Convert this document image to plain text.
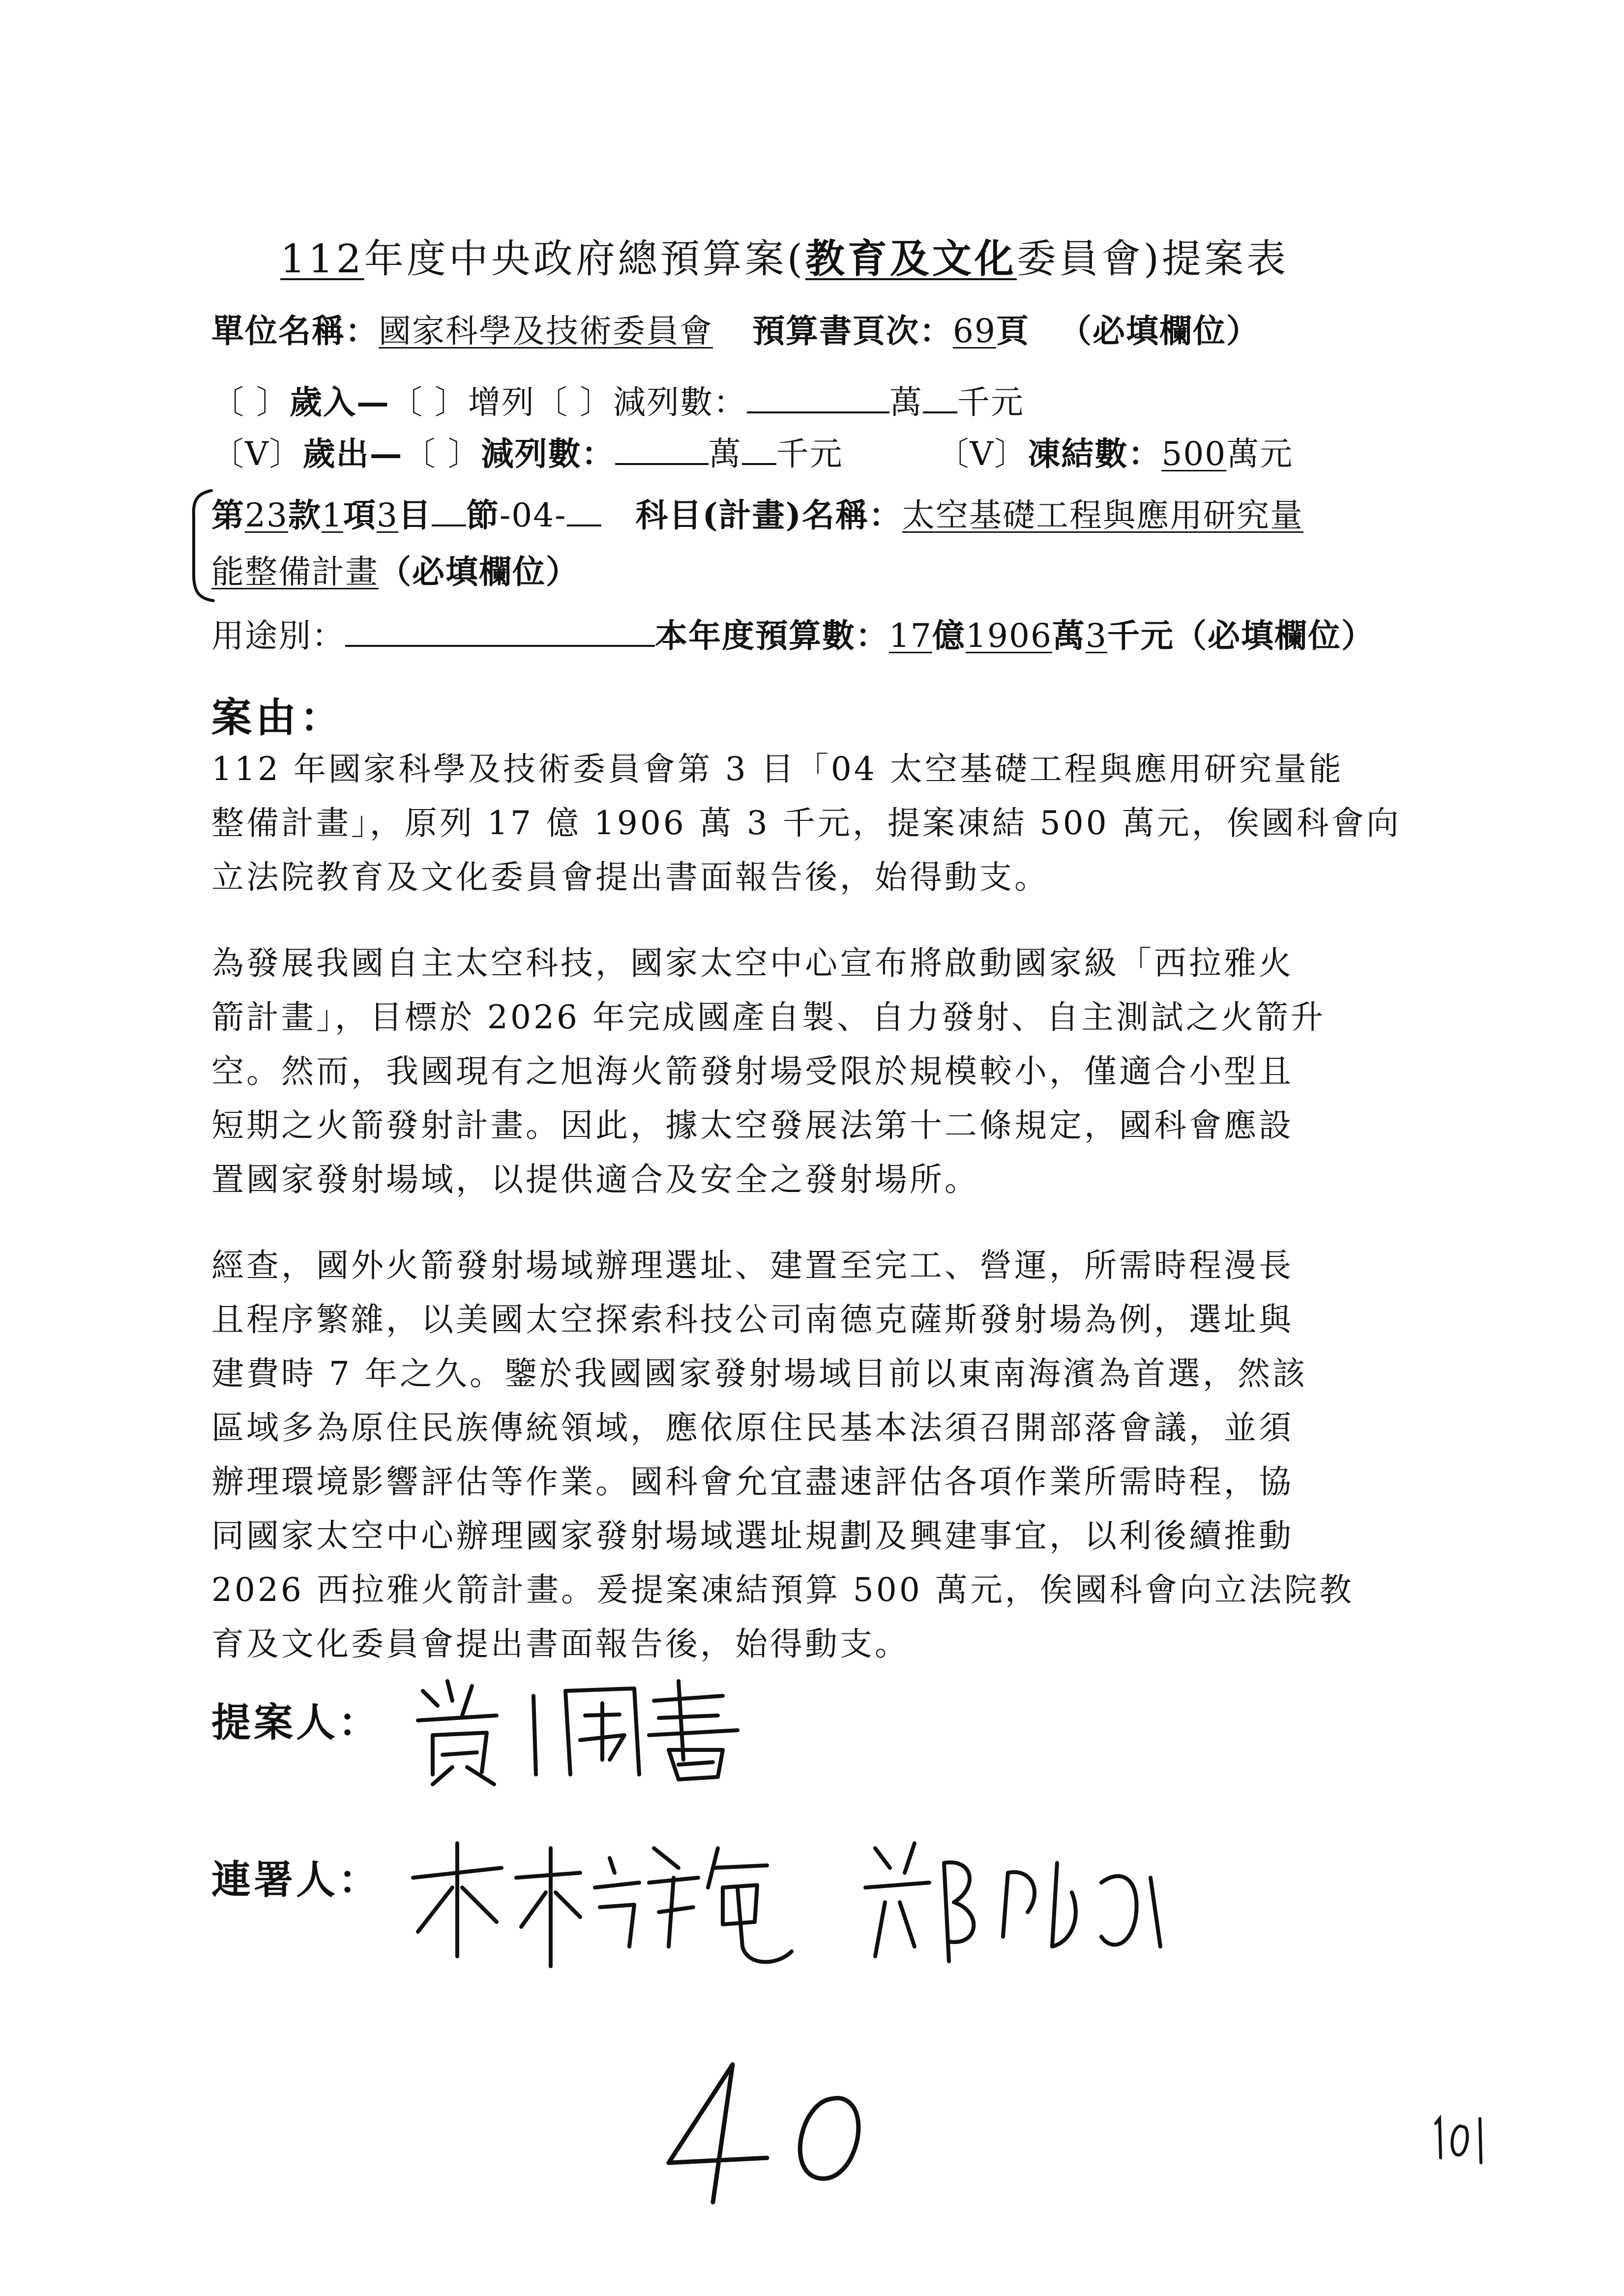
112年度中央政府總預算案(教育及文化委員會)提案表
單位名稱：國家科學及技術委員會 預算書頁次：69頁 （必填欄位）
〔 〕歲入—〔 〕增列〔 〕減列數：	萬 千元
〔V〕歲出—〔 〕減列數：	萬 千元	〔V〕凍結數：500萬元
第23款1項3目 節-04- 科目(計畫)名稱：太空基礎工程與應用研究量
能整備計畫（必填欄位）
用途別：	本年度預算數：17億1906萬3千元（必填欄位）
案由：
112 年國家科學及技術委員會第 3 目「04 太空基礎工程與應用研究量能
整備計畫」，原列 17 億 1906 萬 3 千元，提案凍結 500 萬元，俟國科會向
立法院教育及文化委員會提出書面報告後，始得動支。
為發展我國自主太空科技，國家太空中心宣布將啟動國家級「西拉雅火
箭計畫」，目標於 2026 年完成國產自製、自力發射、自主測試之火箭升
空。然而，我國現有之旭海火箭發射場受限於規模較小，僅適合小型且
短期之火箭發射計畫。因此，據太空發展法第十二條規定，國科會應設
置國家發射場域，以提供適合及安全之發射場所。
經查，國外火箭發射場域辦理選址、建置至完工、營運，所需時程漫長
且程序繁雜，以美國太空探索科技公司南德克薩斯發射場為例，選址與
建費時 7 年之久。鑒於我國國家發射場域目前以東南海濱為首選，然該
區域多為原住民族傳統領域，應依原住民基本法須召開部落會議，並須
辦理環境影響評估等作業。國科會允宜盡速評估各項作業所需時程，協
同國家太空中心辦理國家發射場域選址規劃及興建事宜，以利後續推動
2026 西拉雅火箭計畫。爰提案凍結預算 500 萬元，俟國科會向立法院教
育及文化委員會提出書面報告後，始得動支。
提案人：
連署人：
